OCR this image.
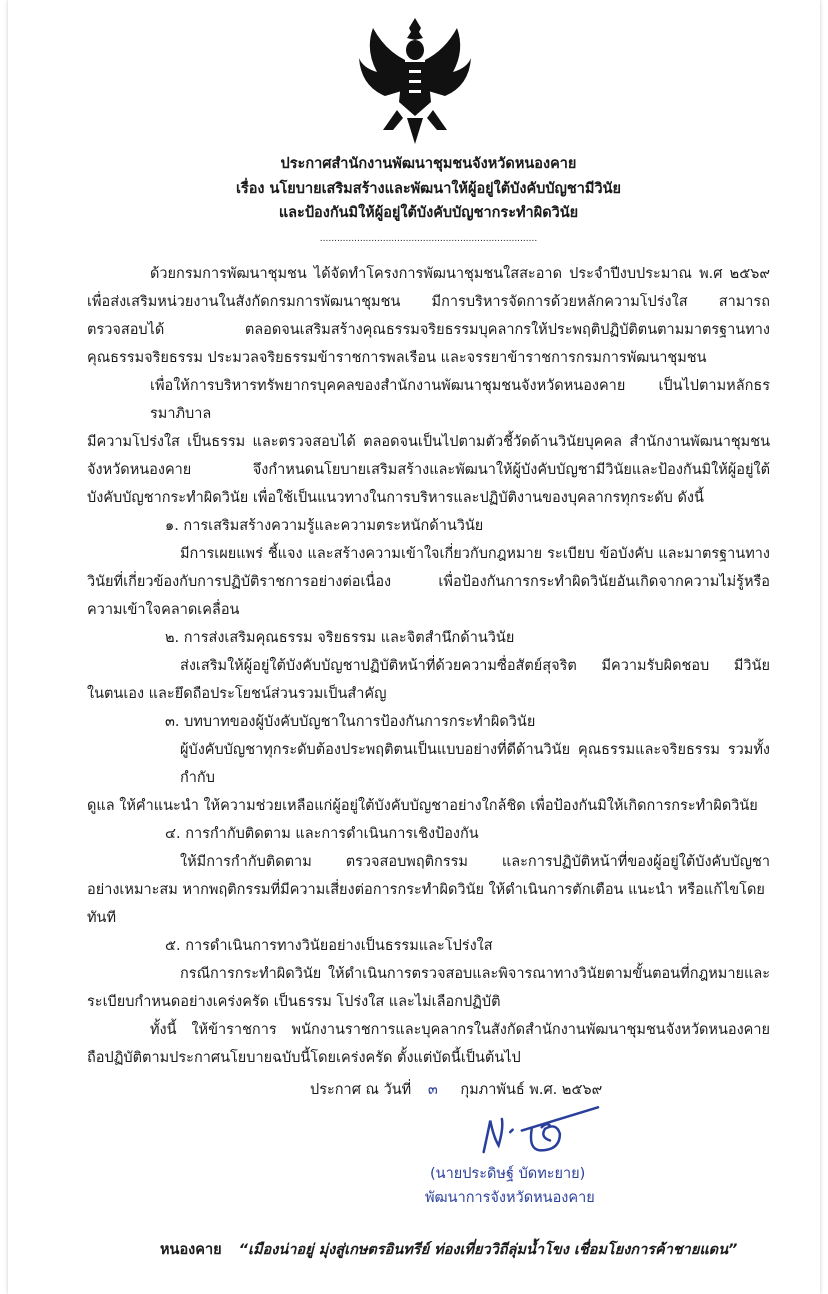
ประกาศสำนักงานพัฒนาชุมชนจังหวัดหนองคาย
เรื่อง นโยบายเสริมสร้างและพัฒนาให้ผู้อยู่ใต้บังคับบัญชามีวินัย
และป้องกันมิให้ผู้อยู่ใต้บังคับบัญชากระทำผิดวินัย
............................................................................
ด้วยกรมการพัฒนาชุมชน ได้จัดทำโครงการพัฒนาชุมชนใสสะอาด ประจำปีงบประมาณ พ.ศ ๒๕๖๙
เพื่อส่งเสริมหน่วยงานในสังกัดกรมการพัฒนาชุมชน มีการบริหารจัดการด้วยหลักความโปร่งใส สามารถ
ตรวจสอบได้ ตลอดจนเสริมสร้างคุณธรรมจริยธรรมบุคลากรให้ประพฤติปฏิบัติตนตามมาตรฐานทาง
คุณธรรมจริยธรรม ประมวลจริยธรรมข้าราชการพลเรือน และจรรยาข้าราชการกรมการพัฒนาชุมชน
เพื่อให้การบริหารทรัพยากรบุคคลของสำนักงานพัฒนาชุมชนจังหวัดหนองคาย เป็นไปตามหลักธรรมาภิบาล
มีความโปร่งใส เป็นธรรม และตรวจสอบได้ ตลอดจนเป็นไปตามตัวชี้วัดด้านวินัยบุคคล สำนักงานพัฒนาชุมชน
จังหวัดหนองคาย จึงกำหนดนโยบายเสริมสร้างและพัฒนาให้ผู้บังคับบัญชามีวินัยและป้องกันมิให้ผู้อยู่ใต้
บังคับบัญชากระทำผิดวินัย เพื่อใช้เป็นแนวทางในการบริหารและปฏิบัติงานของบุคลากรทุกระดับ ดังนี้
๑. การเสริมสร้างความรู้และความตระหนักด้านวินัย
มีการเผยแพร่ ชี้แจง และสร้างความเข้าใจเกี่ยวกับกฎหมาย ระเบียบ ข้อบังคับ และมาตรฐานทาง
วินัยที่เกี่ยวข้องกับการปฏิบัติราชการอย่างต่อเนื่อง เพื่อป้องกันการกระทำผิดวินัยอันเกิดจากความไม่รู้หรือ
ความเข้าใจคลาดเคลื่อน
๒. การส่งเสริมคุณธรรม จริยธรรม และจิตสำนึกด้านวินัย
ส่งเสริมให้ผู้อยู่ใต้บังคับบัญชาปฏิบัติหน้าที่ด้วยความซื่อสัตย์สุจริต มีความรับผิดชอบ มีวินัย
ในตนเอง และยึดถือประโยชน์ส่วนรวมเป็นสำคัญ
๓. บทบาทของผู้บังคับบัญชาในการป้องกันการกระทำผิดวินัย
ผู้บังคับบัญชาทุกระดับต้องประพฤติตนเป็นแบบอย่างที่ดีด้านวินัย คุณธรรมและจริยธรรม รวมทั้งกำกับ
ดูแล ให้คำแนะนำ ให้ความช่วยเหลือแก่ผู้อยู่ใต้บังคับบัญชาอย่างใกล้ชิด เพื่อป้องกันมิให้เกิดการกระทำผิดวินัย
๔. การกำกับติดตาม และการดำเนินการเชิงป้องกัน
ให้มีการกำกับติดตาม ตรวจสอบพฤติกรรม และการปฏิบัติหน้าที่ของผู้อยู่ใต้บังคับบัญชา
อย่างเหมาะสม หากพฤติกรรมที่มีความเสี่ยงต่อการกระทำผิดวินัย ให้ดำเนินการตักเตือน แนะนำ หรือแก้ไขโดยทันที
๕. การดำเนินการทางวินัยอย่างเป็นธรรมและโปร่งใส
กรณีการกระทำผิดวินัย ให้ดำเนินการตรวจสอบและพิจารณาทางวินัยตามขั้นตอนที่กฎหมายและ
ระเบียบกำหนดอย่างเคร่งครัด เป็นธรรม โปร่งใส และไม่เลือกปฏิบัติ
ทั้งนี้ ให้ข้าราชการ พนักงานราชการและบุคลากรในสังกัดสำนักงานพัฒนาชุมชนจังหวัดหนองคาย
ถือปฏิบัติตามประกาศนโยบายฉบับนี้โดยเคร่งครัด ตั้งแต่บัดนี้เป็นต้นไป
ประกาศ ณ วันที่ ๓ กุมภาพันธ์ พ.ศ. ๒๕๖๙
(นายประดิษฐ์ บัดทะยาย)
พัฒนาการจังหวัดหนองคาย
หนองคาย “เมืองน่าอยู่ มุ่งสู่เกษตรอินทรีย์ ท่องเที่ยววิถีลุ่มน้ำโขง เชื่อมโยงการค้าชายแดน”
